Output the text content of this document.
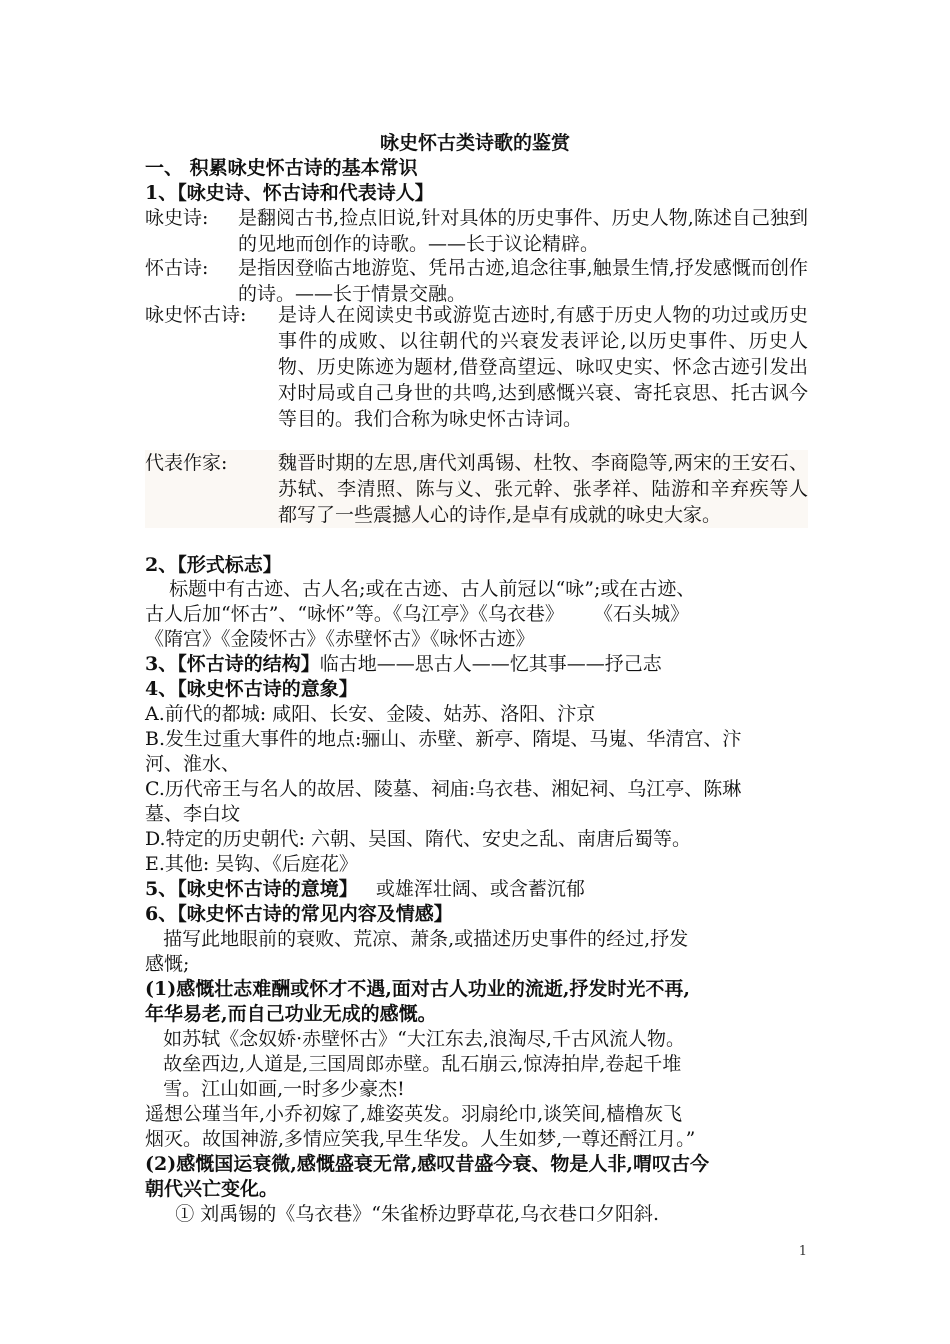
咏史怀古类诗歌的鉴赏
一、 积累咏史怀古诗的基本常识
1、【咏史诗、怀古诗和代表诗人】
咏史诗: 是翻阅古书,捡点旧说,针对具体的历史事件、历史人物,陈述自己独到的见地而创作的诗歌。——长于议论精辟。
怀古诗: 是指因登临古地游览、凭吊古迹,追念往事,触景生情,抒发感慨而创作的诗。——长于情景交融。
咏史怀古诗: 是诗人在阅读史书或游览古迹时,有感于历史人物的功过或历史事件的成败、以往朝代的兴衰发表评论,以历史事件、历史人物、历史陈迹为题材,借登高望远、咏叹史实、怀念古迹引发出对时局或自己身世的共鸣,达到感慨兴衰、寄托哀思、托古讽今等目的。我们合称为咏史怀古诗词。
代表作家:	魏晋时期的左思,唐代刘禹锡、杜牧、李商隐等,两宋的王安石、苏轼、李清照、陈与义、张元幹、张孝祥、陆游和辛弃疾等人都写了一些震撼人心的诗作,是卓有成就的咏史大家。
2、【形式标志】
标题中有古迹、古人名;或在古迹、古人前冠以“咏”;或在古迹、
古人后加“怀古”、“咏怀”等。《乌江亭》《乌衣巷》     《石头城》
《隋宫》《金陵怀古》《赤壁怀古》《咏怀古迹》
3、【怀古诗的结构】临古地——思古人——忆其事——抒己志
4、【咏史怀古诗的意象】
A.前代的都城: 咸阳、长安、金陵、姑苏、洛阳、汴京
B.发生过重大事件的地点:骊山、赤壁、新亭、隋堤、马嵬、华清宫、汴
河、淮水、
C.历代帝王与名人的故居、陵墓、祠庙:乌衣巷、湘妃祠、乌江亭、陈琳
墓、李白坟
D.特定的历史朝代: 六朝、吴国、隋代、安史之乱、南唐后蜀等。
E.其他: 吴钩、《后庭花》
5、【咏史怀古诗的意境】   或雄浑壮阔、或含蓄沉郁
6、【咏史怀古诗的常见内容及情感】
描写此地眼前的衰败、荒凉、萧条,或描述历史事件的经过,抒发
感慨;
(1)感慨壮志难酬或怀才不遇,面对古人功业的流逝,抒发时光不再,
年华易老,而自己功业无成的感慨。
如苏轼《念奴娇·赤壁怀古》“大江东去,浪淘尽,千古风流人物。
故垒西边,人道是,三国周郎赤壁。乱石崩云,惊涛拍岸,卷起千堆
雪。江山如画,一时多少豪杰!
遥想公瑾当年,小乔初嫁了,雄姿英发。羽扇纶巾,谈笑间,樯橹灰飞
烟灭。故国神游,多情应笑我,早生华发。人生如梦,一尊还酹江月。”
(2)感慨国运衰微,感慨盛衰无常,感叹昔盛今衰、物是人非,喟叹古今
朝代兴亡变化。
① 刘禹锡的《乌衣巷》“朱雀桥边野草花,乌衣巷口夕阳斜.
1
